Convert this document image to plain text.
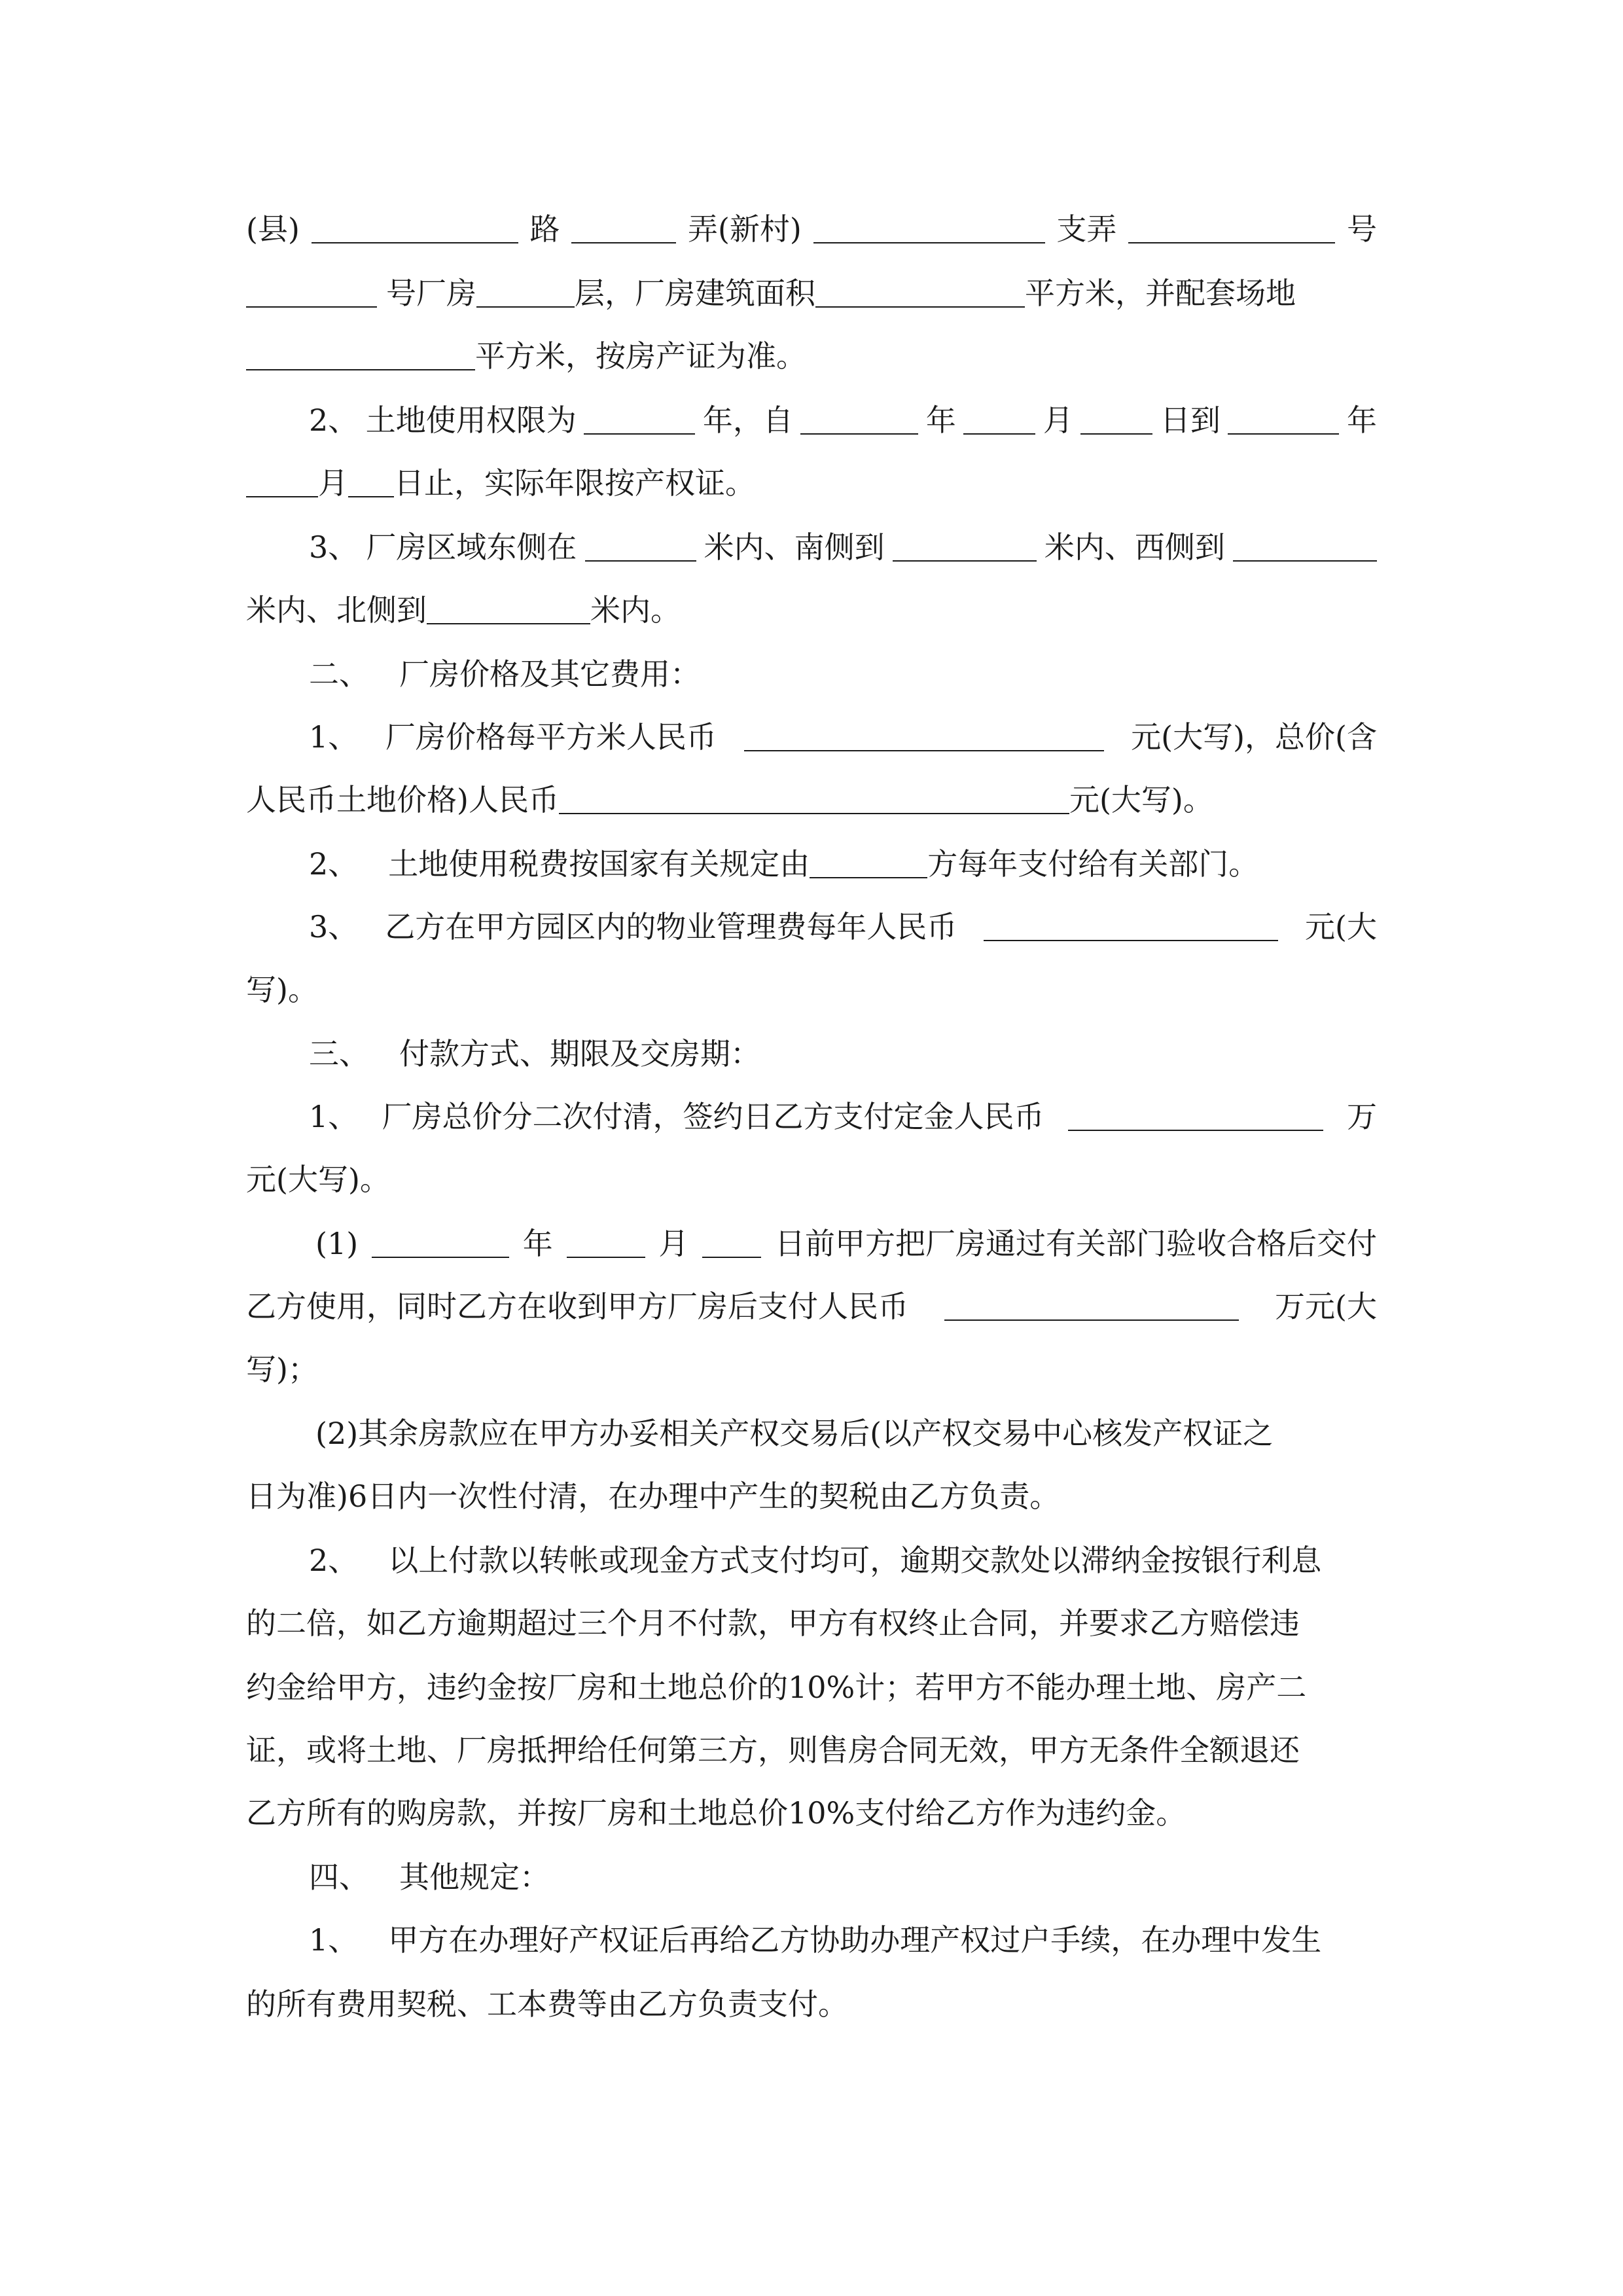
(县)	路	弄(新村)	支弄	号
号厂房	层，厂房建筑面积	平方米，并配套场地
平方米，按房产证为准。
2、 土地使用权限为	年，自	年	月	日到	年
月 日止，实际年限按产权证。
3、 厂房区域东侧在	米内、南侧到	米内、西侧到
米内、北侧到	米内。
二、 厂房价格及其它费用：
1、 厂房价格每平方米人民币	元(大写)，总价(含
人民币土地价格)人民币	元(大写)。
2、 土地使用税费按国家有关规定由	方每年支付给有关部门。
3、 乙方在甲方园区内的物业管理费每年人民币	元(大
写)。
三、 付款方式、期限及交房期：
1、 厂房总价分二次付清，签约日乙方支付定金人民币	万
元(大写)。
(1)	年	月	日前甲方把厂房通过有关部门验收合格后交付
乙方使用，同时乙方在收到甲方厂房后支付人民币	万元(大
写)；
(2)其余房款应在甲方办妥相关产权交易后(以产权交易中心核发产权证之
日为准)6日内一次性付清，在办理中产生的契税由乙方负责。
2、 以上付款以转帐或现金方式支付均可，逾期交款处以滞纳金按银行利息
的二倍，如乙方逾期超过三个月不付款，甲方有权终止合同，并要求乙方赔偿违
约金给甲方，违约金按厂房和土地总价的10%计；若甲方不能办理土地、房产二
证，或将土地、厂房抵押给任何第三方，则售房合同无效，甲方无条件全额退还
乙方所有的购房款，并按厂房和土地总价10%支付给乙方作为违约金。
四、 其他规定：
1、 甲方在办理好产权证后再给乙方协助办理产权过户手续，在办理中发生
的所有费用契税、工本费等由乙方负责支付。
